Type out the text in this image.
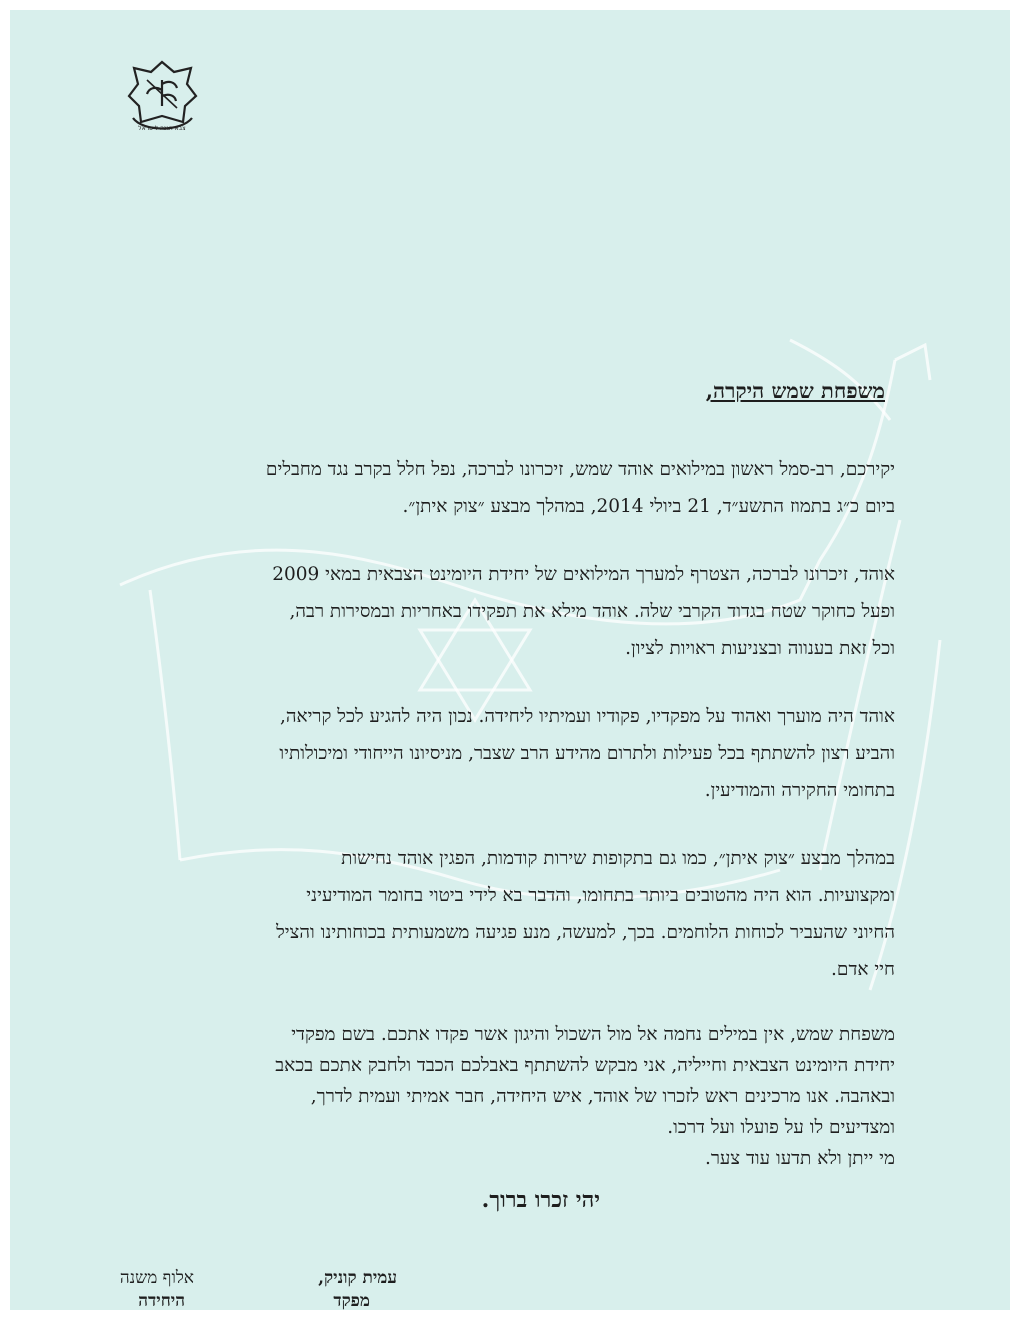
צבא הגנה לישראל
משפחת שמש היקרה,
יקירכם, רב-סמל ראשון במילואים אוהד שמש, זיכרונו לברכה, נפל חלל בקרב נגד מחבלים
ביום כ״ג בתמוז התשע״ד, 21 ביולי 2014, במהלך מבצע ״צוק איתן״.
אוהד, זיכרונו לברכה, הצטרף למערך המילואים של יחידת היומינט הצבאית במאי 2009
ופעל כחוקר שטח בגדוד הקרבי שלה. אוהד מילא את תפקידו באחריות ובמסירות רבה,
וכל זאת בענווה ובצניעות ראויות לציון.
אוהד היה מוערך ואהוד על מפקדיו, פקודיו ועמיתיו ליחידה. נכון היה להגיע לכל קריאה,
והביע רצון להשתתף בכל פעילות ולתרום מהידע הרב שצבר, מניסיונו הייחודי ומיכולותיו
בתחומי החקירה והמודיעין.
במהלך מבצע ״צוק איתן״, כמו גם בתקופות שירות קודמות, הפגין אוהד נחישות
ומקצועיות. הוא היה מהטובים ביותר בתחומו, והדבר בא לידי ביטוי בחומר המודיעיני
החיוני שהעביר לכוחות הלוחמים. בכך, למעשה, מנע פגיעה משמעותית בכוחותינו והציל
חיי אדם.
משפחת שמש, אין במילים נחמה אל מול השכול והיגון אשר פקדו אתכם. בשם מפקדי
יחידת היומינט הצבאית וחייליה, אני מבקש להשתתף באבלכם הכבד ולחבק אתכם בכאב
ובאהבה. אנו מרכינים ראש לזכרו של אוהד, איש היחידה, חבר אמיתי ועמית לדרך,
ומצדיעים לו על פועלו ועל דרכו.
מי ייתן ולא תדעו עוד צער.
יהי זכרו ברוך.
עמית קוניק,
אלוף משנה
מפקד
היחידה
